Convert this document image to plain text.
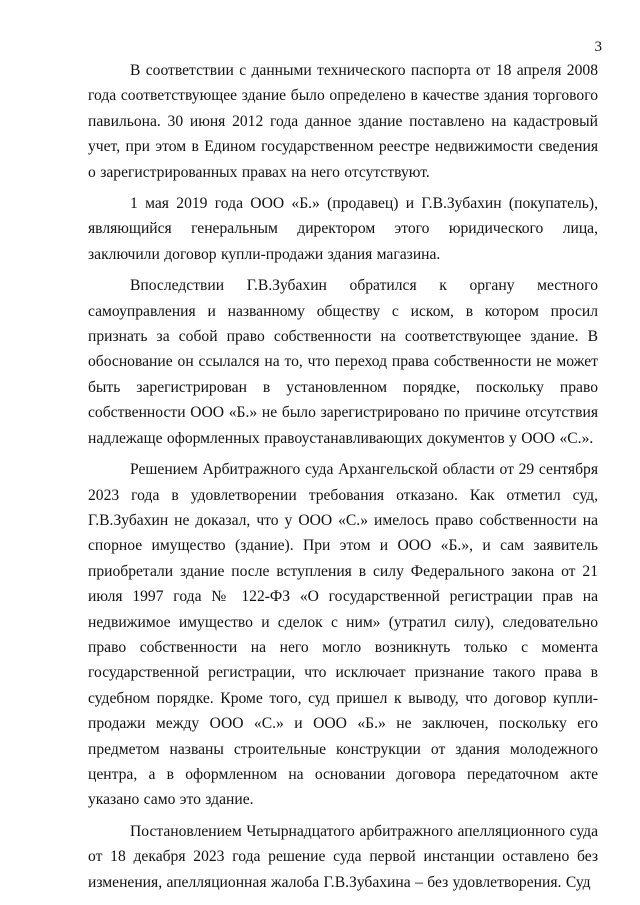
3

В соответствии с данными технического паспорта от 18 апреля 2008 года соответствующее здание было определено в качестве здания торгового павильона. 30 июня 2012 года данное здание поставлено на кадастровый учет, при этом в Едином государственном реестре недвижимости сведения о зарегистрированных правах на него отсутствуют.

1 мая 2019 года ООО «Б.» (продавец) и Г.В.Зубахин (покупатель), являющийся генеральным директором этого юридического лица, заключили договор купли-продажи здания магазина.

Впоследствии Г.В.Зубахин обратился к органу местного самоуправления и названному обществу с иском, в котором просил признать за собой право собственности на соответствующее здание. В обоснование он ссылался на то, что переход права собственности не может быть зарегистрирован в установленном порядке, поскольку право собственности ООО «Б.» не было зарегистрировано по причине отсутствия надлежаще оформленных правоустанавливающих документов у ООО «С.».

Решением Арбитражного суда Архангельской области от 29 сентября 2023 года в удовлетворении требования отказано. Как отметил суд, Г.В.Зубахин не доказал, что у ООО «С.» имелось право собственности на спорное имущество (здание). При этом и ООО «Б.», и сам заявитель приобретали здание после вступления в силу Федерального закона от 21 июля 1997 года № 122-ФЗ «О государственной регистрации прав на недвижимое имущество и сделок с ним» (утратил силу), следовательно право собственности на него могло возникнуть только с момента государственной регистрации, что исключает признание такого права в судебном порядке. Кроме того, суд пришел к выводу, что договор купли-продажи между ООО «С.» и ООО «Б.» не заключен, поскольку его предметом названы строительные конструкции от здания молодежного центра, а в оформленном на основании договора передаточном акте указано само это здание.

Постановлением Четырнадцатого арбитражного апелляционного суда от 18 декабря 2023 года решение суда первой инстанции оставлено без изменения, апелляционная жалоба Г.В.Зубахина – без удовлетворения. Суд
